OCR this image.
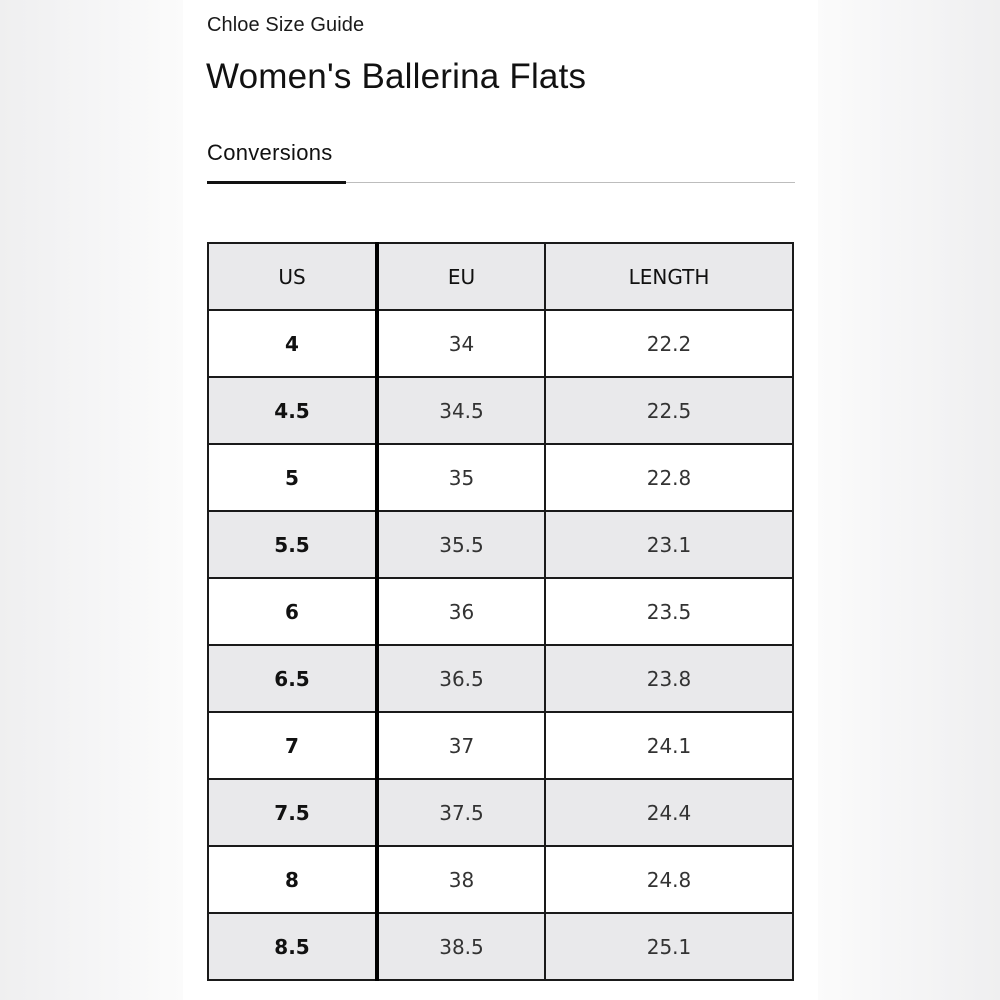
Chloe Size Guide
Women's Ballerina Flats
Conversions
US	EU	LENGTH
4	34	22.2
4.5	34.5	22.5
5	35	22.8
5.5	35.5	23.1
6	36	23.5
6.5	36.5	23.8
7	37	24.1
7.5	37.5	24.4
8	38	24.8
8.5	38.5	25.1
